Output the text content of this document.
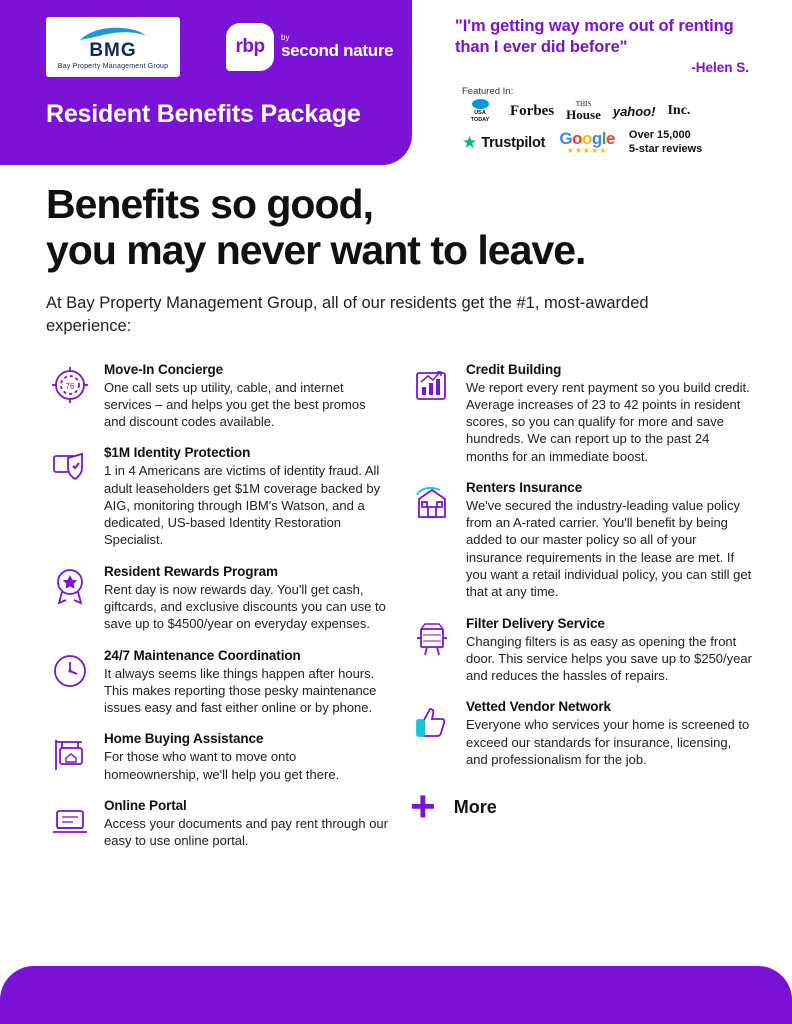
BMG
Bay Property Management Group
rbp by
second nature
Resident Benefits Package
"I'm getting way more out of renting than I ever did before"
-Helen S.
Featured In:
USA
TODAY
Forbes	THIS
House yahoo! Inc.
★ Trustpilot Google
★★★★★
Over 15,000
5-star reviews
Benefits so good,
you may never want to leave.
At Bay Property Management Group, all of our residents get the #1, most-awarded experience:
76
Move-In Concierge
One call sets up utility, cable, and internet services – and helps you get the best promos and discount codes available.
$1M Identity Protection
1 in 4 Americans are victims of identity fraud. All adult leaseholders get $1M coverage backed by AIG, monitoring through IBM's Watson, and a dedicated, US-based Identity Restoration Specialist.
Resident Rewards Program
Rent day is now rewards day. You'll get cash, giftcards, and exclusive discounts you can use to save up to $4500/year on everyday expenses.
24/7 Maintenance Coordination
It always seems like things happen after hours. This makes reporting those pesky maintenance issues easy and fast either online or by phone.
Home Buying Assistance
For those who want to move onto homeownership, we'll help you get there.
Online Portal
Access your documents and pay rent through our easy to use online portal.
Credit Building
We report every rent payment so you build credit. Average increases of 23 to 42 points in resident scores, so you can qualify for more and save hundreds. We can report up to the past 24 months for an immediate boost.
Renters Insurance
We've secured the industry-leading value policy from an A-rated carrier. You'll benefit by being added to our master policy so all of your insurance requirements in the lease are met. If you want a retail individual policy, you can still get that at any time.
Filter Delivery Service
Changing filters is as easy as opening the front door. This service helps you save up to $250/year and reduces the hassles of repairs.
Vetted Vendor Network
Everyone who services your home is screened to exceed our standards for insurance, licensing, and professionalism for the job.
+ More
